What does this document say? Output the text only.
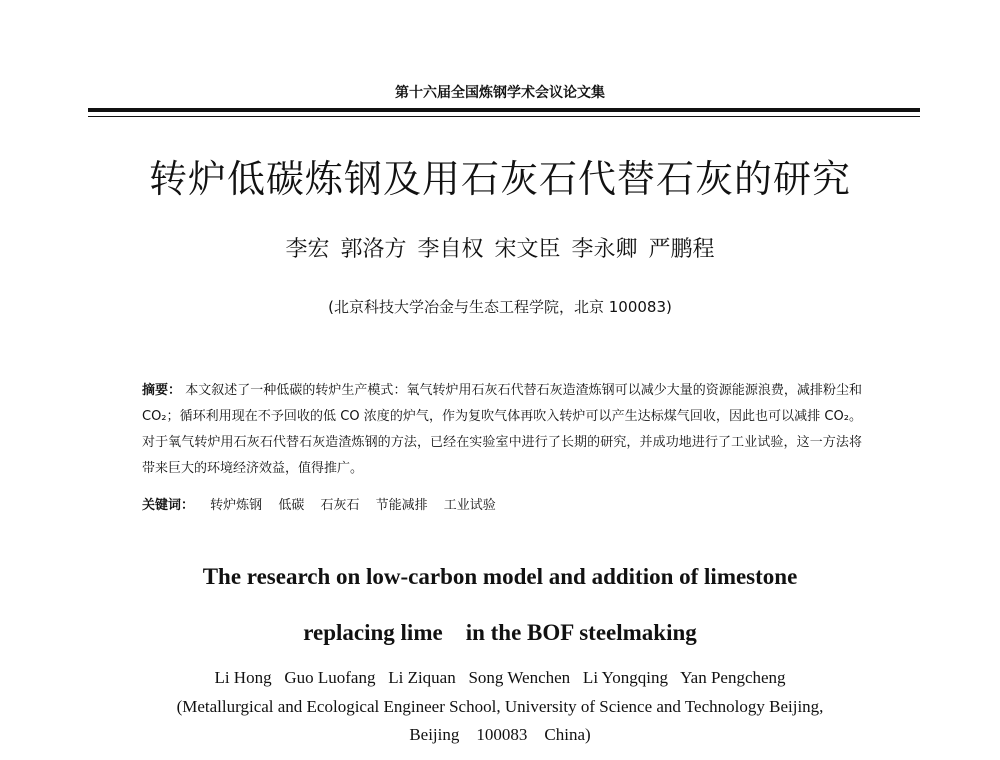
第十六届全国炼钢学术会议论文集
转炉低碳炼钢及用石灰石代替石灰的研究
李宏 郭洛方 李自权 宋文臣 李永卿 严鹏程
(北京科技大学冶金与生态工程学院，北京 100083)
摘要： 本文叙述了一种低碳的转炉生产模式：氧气转炉用石灰石代替石灰造渣炼钢可以减少大量的资源能源浪费，减排粉尘和 CO₂；循环利用现在不予回收的低 CO 浓度的炉气，作为复吹气体再吹入转炉可以产生达标煤气回收，因此也可以减排 CO₂。对于氧气转炉用石灰石代替石灰造渣炼钢的方法，已经在实验室中进行了长期的研究，并成功地进行了工业试验，这一方法将带来巨大的环境经济效益，值得推广。
关键词： 转炉炼钢 低碳 石灰石 节能减排 工业试验
The research on low-carbon model and addition of limestone
replacing lime    in the BOF steelmaking
Li Hong   Guo Luofang   Li Ziquan   Song Wenchen   Li Yongqing   Yan Pengcheng
(Metallurgical and Ecological Engineer School, University of Science and Technology Beijing,
Beijing    100083    China)
